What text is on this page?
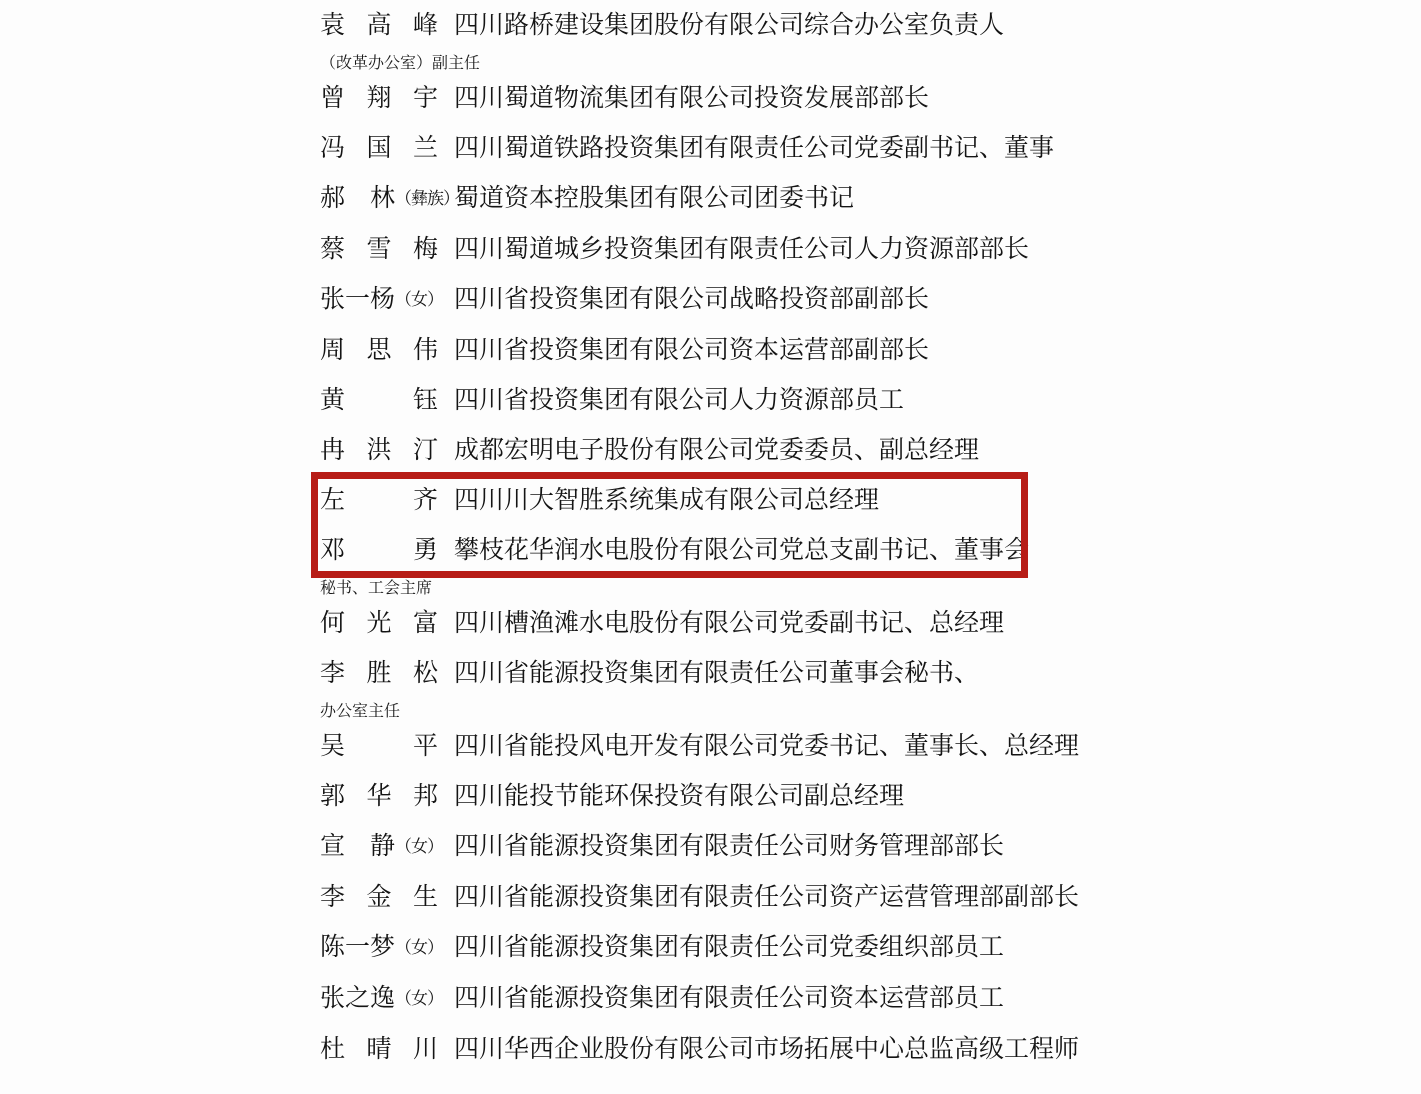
袁高峰 四川路桥建设集团股份有限公司综合办公室负责人
（改革办公室）副主任
曾翔宇 四川蜀道物流集团有限公司投资发展部部长
冯国兰 四川蜀道铁路投资集团有限责任公司党委副书记、董事
郝　林（彝族）
蜀道资本控股集团有限公司团委书记
蔡雪梅 四川蜀道城乡投资集团有限责任公司人力资源部部长
张一杨（女） 四川省投资集团有限公司战略投资部副部长
周思伟 四川省投资集团有限公司资本运营部副部长
黄　钰 四川省投资集团有限公司人力资源部员工
冉洪汀 成都宏明电子股份有限公司党委委员、副总经理
左　齐 四川川大智胜系统集成有限公司总经理
邓　勇 攀枝花华润水电股份有限公司党总支副书记、董事会
秘书、工会主席
何光富 四川槽渔滩水电股份有限公司党委副书记、总经理
李胜松 四川省能源投资集团有限责任公司董事会秘书、
办公室主任
吴　平 四川省能投风电开发有限公司党委书记、董事长、总经理
郭华邦 四川能投节能环保投资有限公司副总经理
宣　静（女） 四川省能源投资集团有限责任公司财务管理部部长
李金生 四川省能源投资集团有限责任公司资产运营管理部副部长
陈一梦（女） 四川省能源投资集团有限责任公司党委组织部员工
张之逸（女） 四川省能源投资集团有限责任公司资本运营部员工
杜晴川 四川华西企业股份有限公司市场拓展中心总监高级工程师
